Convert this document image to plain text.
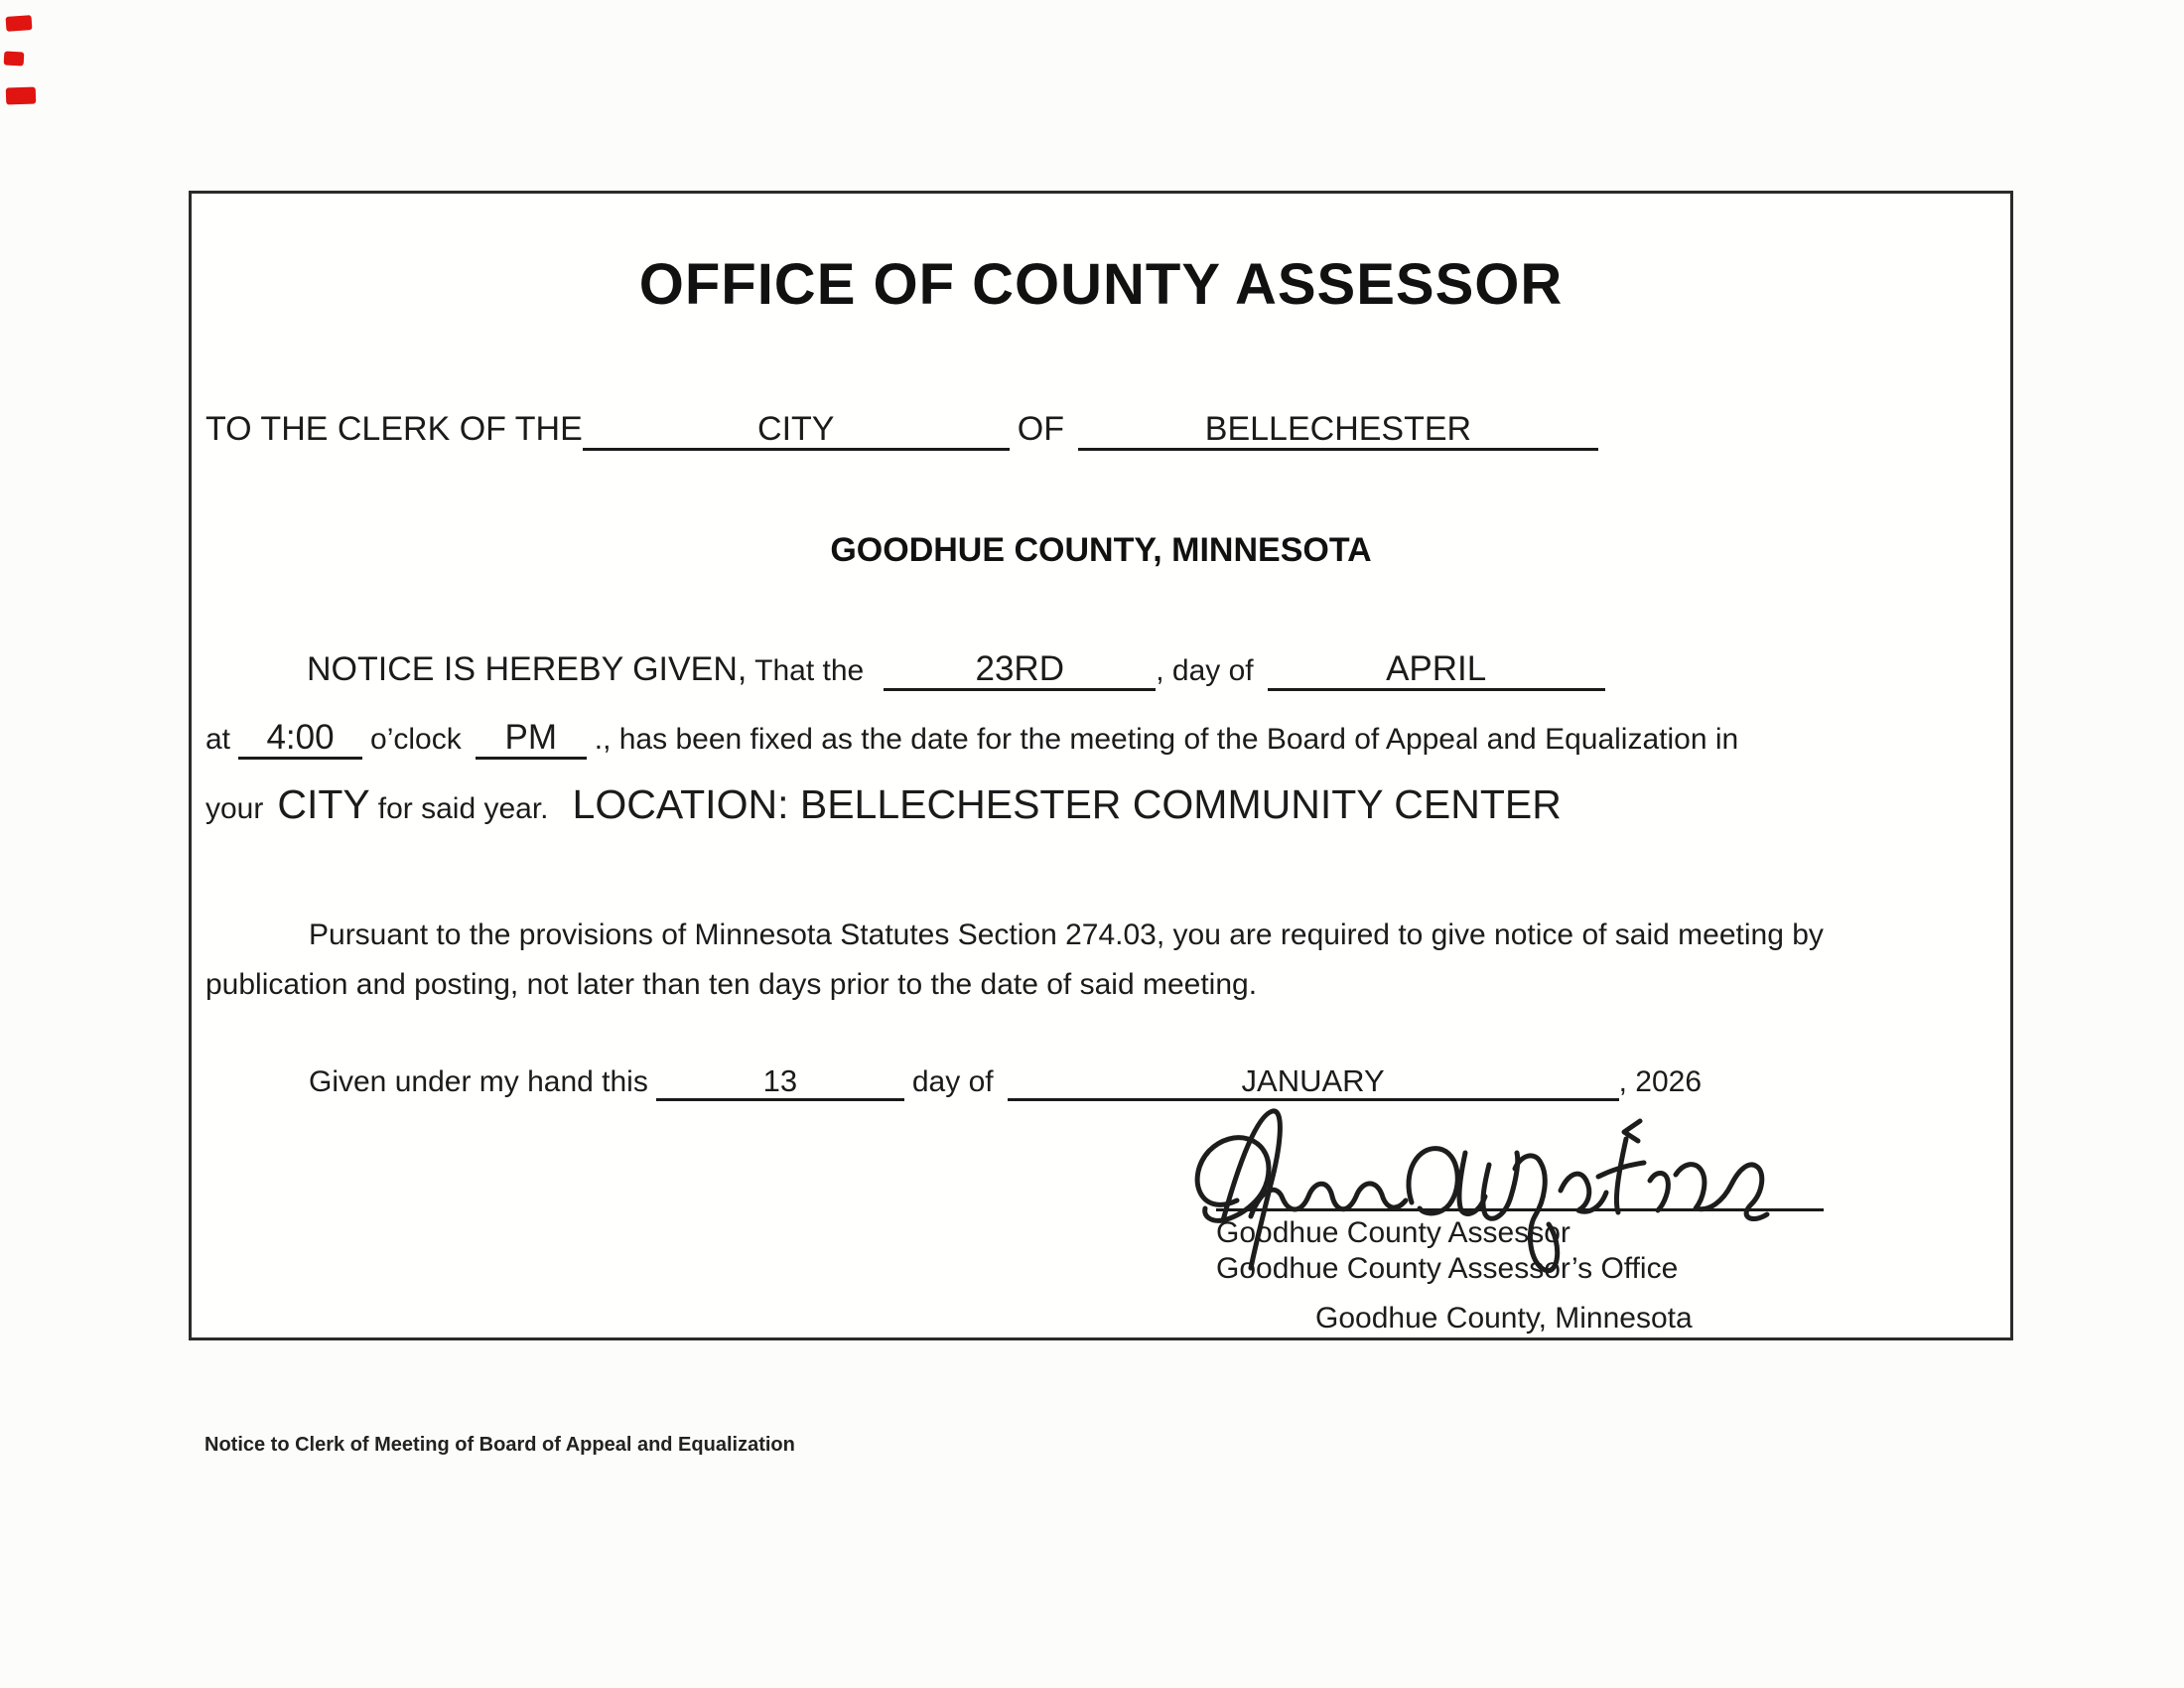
OFFICE OF COUNTY ASSESSOR
TO THE CLERK OF THE	CITY	OF	BELLECHESTER
GOODHUE COUNTY, MINNESOTA
NOTICE IS HEREBY GIVEN, That the	23RD	, day of	APRIL
at	4:00	o’clock	PM	., has been fixed as the date for the meeting of the Board of Appeal and Equalization in
your CITY for said year. LOCATION: BELLECHESTER COMMUNITY CENTER
Pursuant to the provisions of Minnesota Statutes Section 274.03, you are required to give notice of said meeting by
publication and posting, not later than ten days prior to the date of said meeting.
Given under my hand this	13	day of	JANUARY	, 2026
Goodhue County Assessor
Goodhue County Assessor’s Office
Goodhue County, Minnesota
Notice to Clerk of Meeting of Board of Appeal and Equalization
